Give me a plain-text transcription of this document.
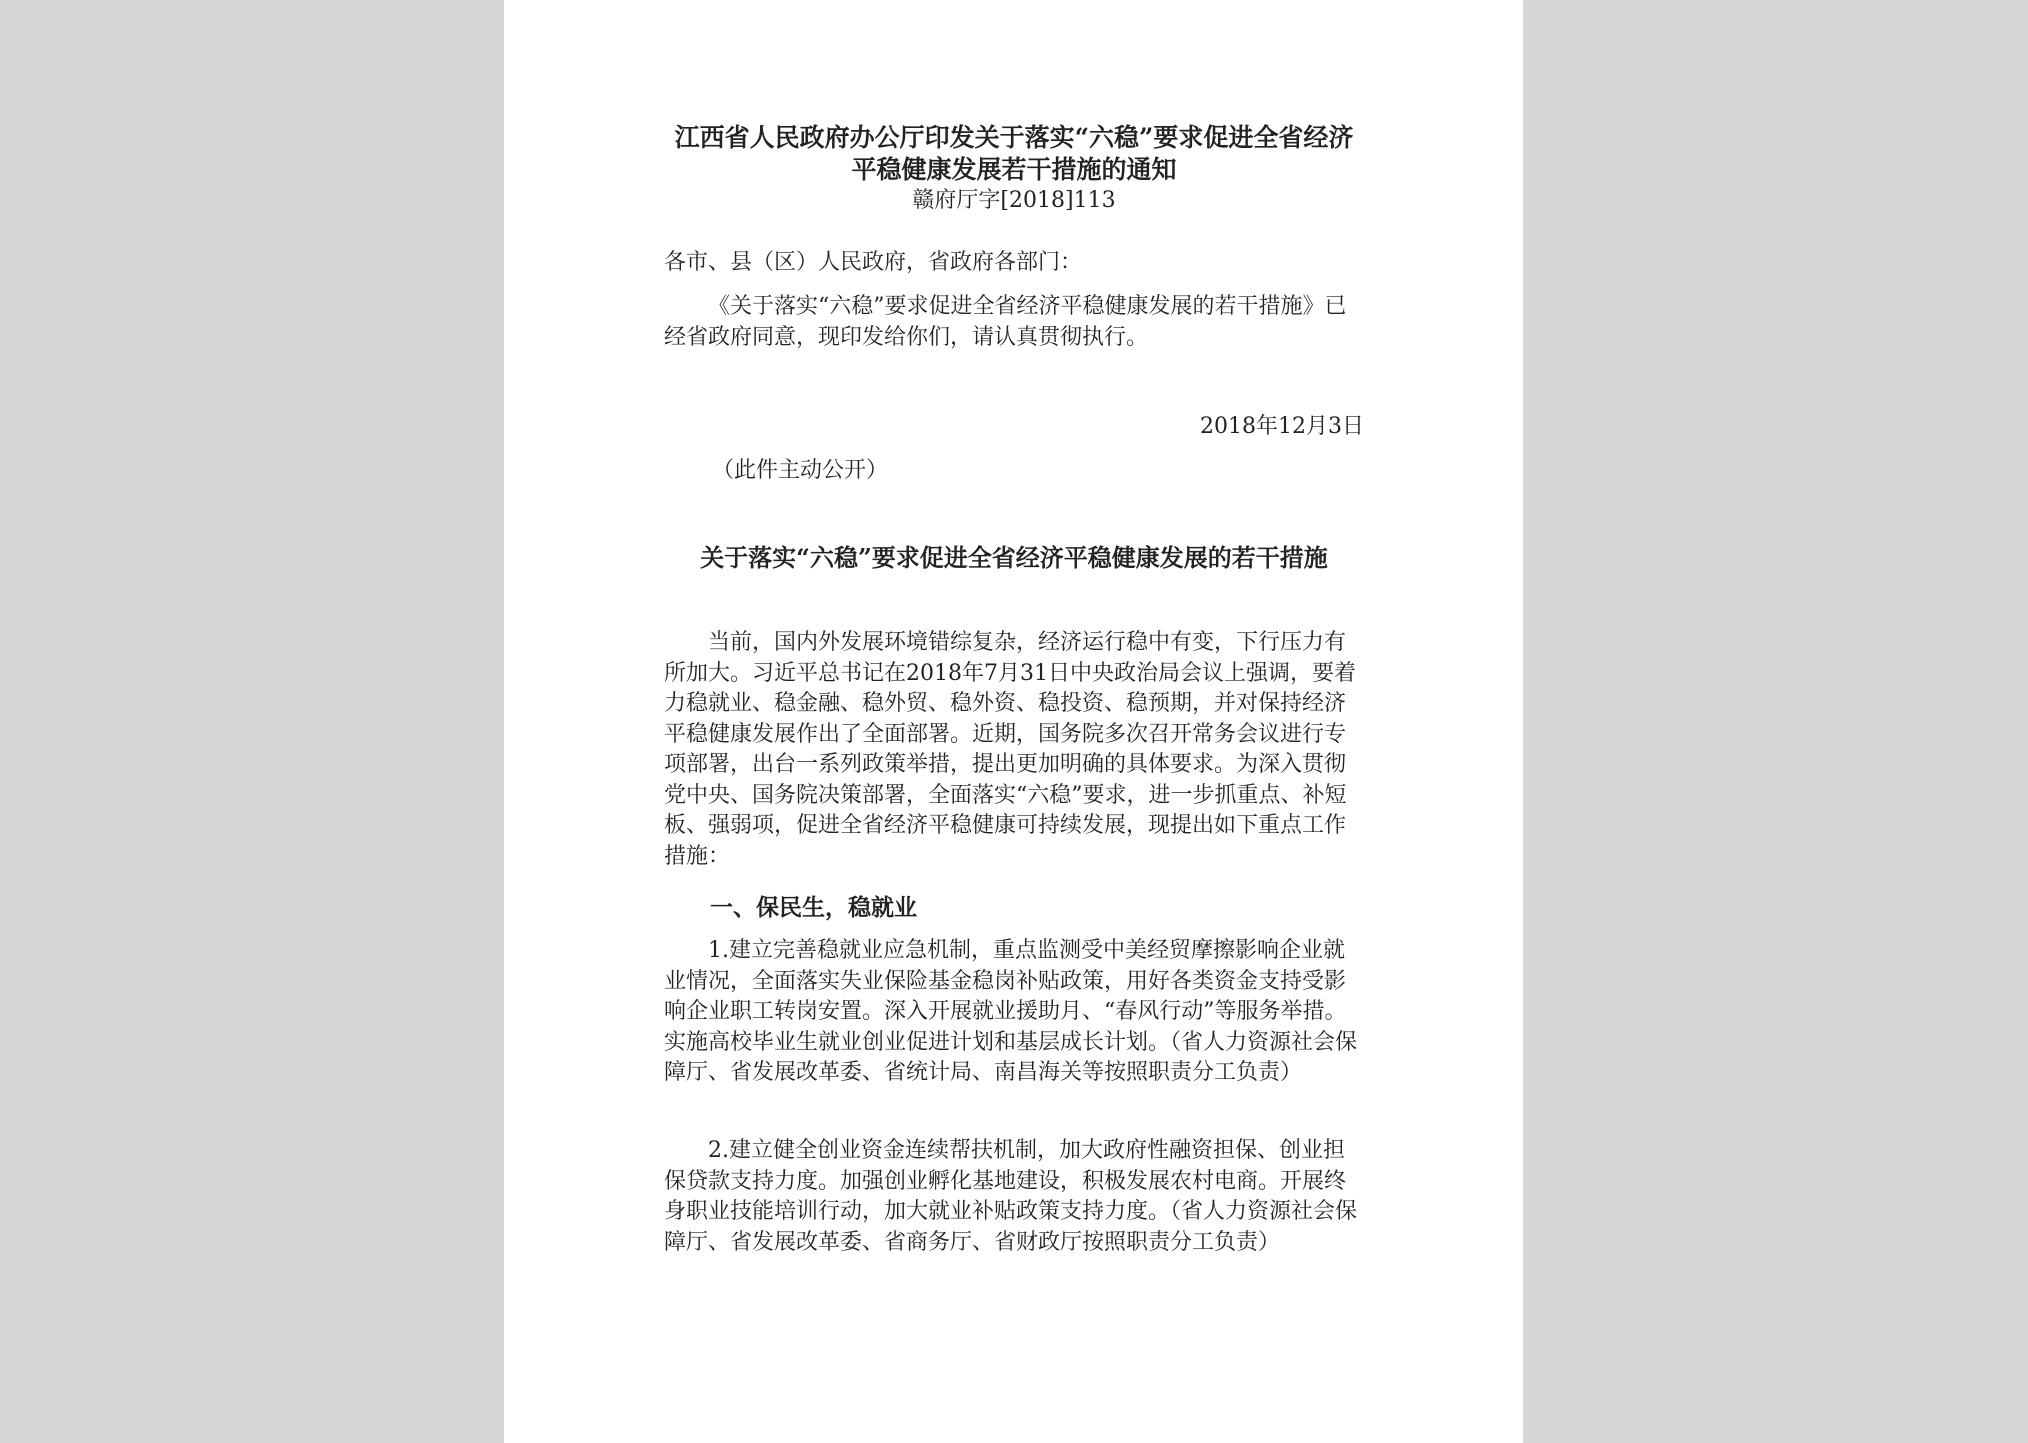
江西省人民政府办公厅印发关于落实“六稳”要求促进全省经济平稳健康发展若干措施的通知

赣府厅字[2018]113

各市、县（区）人民政府，省政府各部门：

《关于落实“六稳”要求促进全省经济平稳健康发展的若干措施》已经省政府同意，现印发给你们，请认真贯彻执行。

2018年12月3日

（此件主动公开）

关于落实“六稳”要求促进全省经济平稳健康发展的若干措施

当前，国内外发展环境错综复杂，经济运行稳中有变，下行压力有所加大。习近平总书记在2018年7月31日中央政治局会议上强调，要着力稳就业、稳金融、稳外贸、稳外资、稳投资、稳预期，并对保持经济平稳健康发展作出了全面部署。近期，国务院多次召开常务会议进行专项部署，出台一系列政策举措，提出更加明确的具体要求。为深入贯彻党中央、国务院决策部署，全面落实“六稳”要求，进一步抓重点、补短板、强弱项，促进全省经济平稳健康可持续发展，现提出如下重点工作措施：

一、保民生，稳就业

1.建立完善稳就业应急机制，重点监测受中美经贸摩擦影响企业就业情况，全面落实失业保险基金稳岗补贴政策，用好各类资金支持受影响企业职工转岗安置。深入开展就业援助月、“春风行动”等服务举措。实施高校毕业生就业创业促进计划和基层成长计划。（省人力资源社会保障厅、省发展改革委、省统计局、南昌海关等按照职责分工负责）

2.建立健全创业资金连续帮扶机制，加大政府性融资担保、创业担保贷款支持力度。加强创业孵化基地建设，积极发展农村电商。开展终身职业技能培训行动，加大就业补贴政策支持力度。（省人力资源社会保障厅、省发展改革委、省商务厅、省财政厅按照职责分工负责）
